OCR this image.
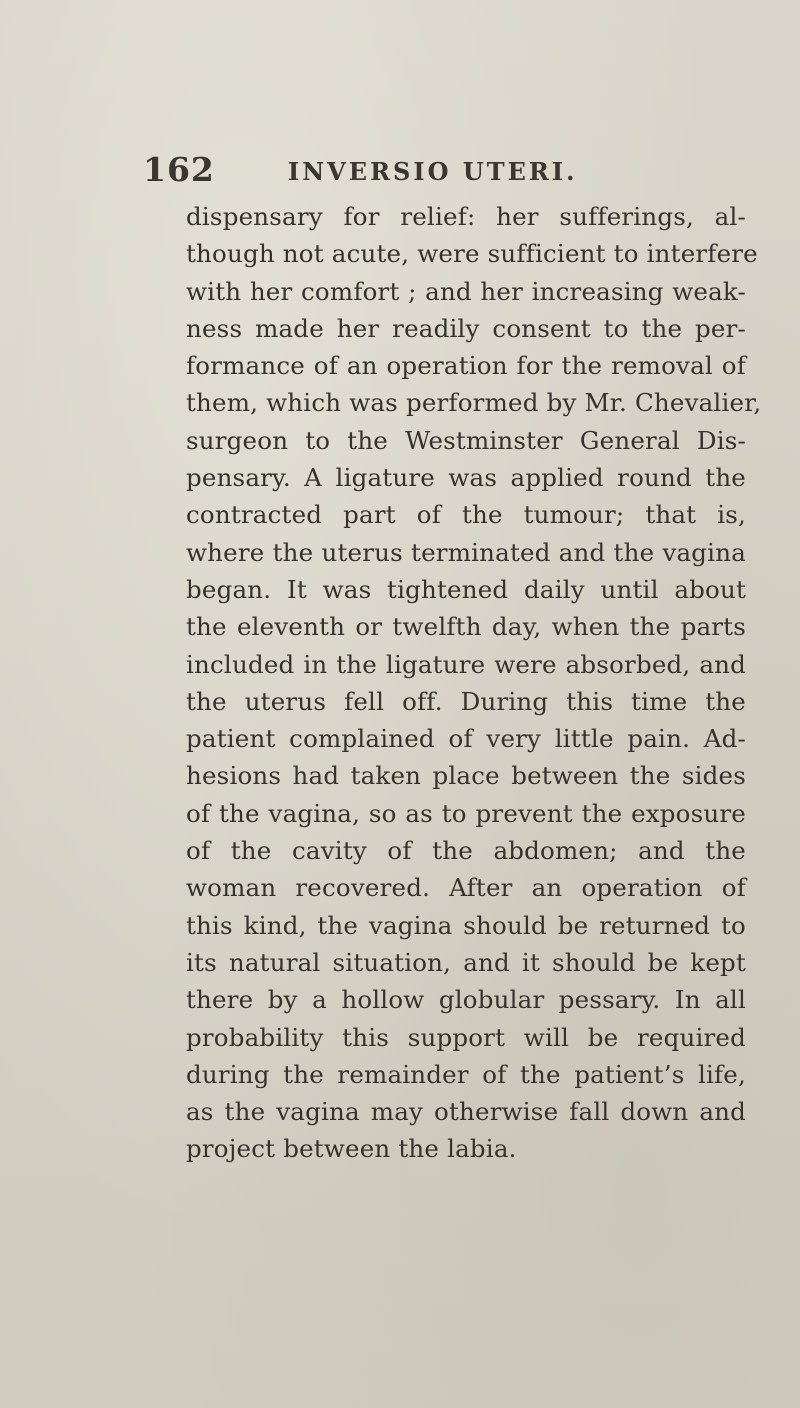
162	INVERSIO UTERI.
dispensary for relief: her sufferings, al-
though not acute, were sufficient to interfere
with her comfort ; and her increasing weak-
ness made her readily consent to the per-
formance of an operation for the removal of
them, which was performed by Mr. Chevalier,
surgeon to the Westminster General Dis-
pensary. A ligature was applied round the
contracted part of the tumour; that is,
where the uterus terminated and the vagina
began. It was tightened daily until about
the eleventh or twelfth day, when the parts
included in the ligature were absorbed, and
the uterus fell off. During this time the
patient complained of very little pain. Ad-
hesions had taken place between the sides
of the vagina, so as to prevent the exposure
of the cavity of the abdomen; and the
woman recovered. After an operation of
this kind, the vagina should be returned to
its natural situation, and it should be kept
there by a hollow globular pessary. In all
probability this support will be required
during the remainder of the patient’s life,
as the vagina may otherwise fall down and
project between the labia.
